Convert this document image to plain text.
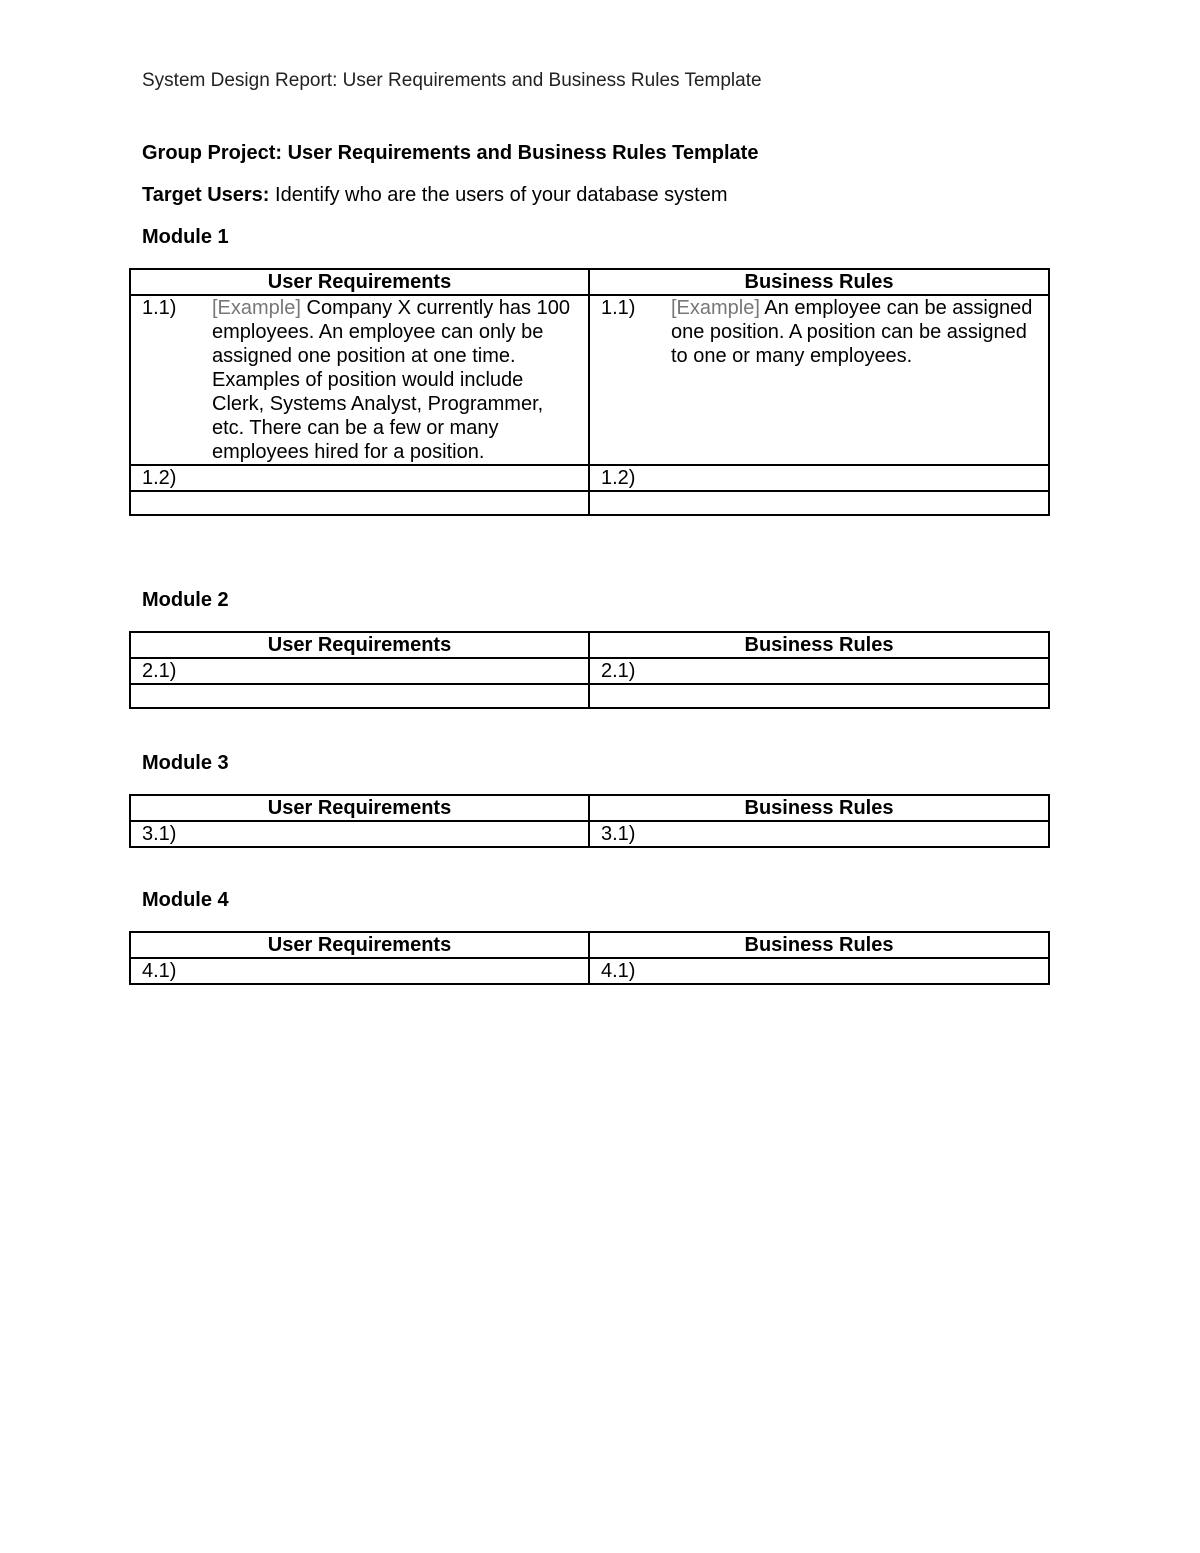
System Design Report: User Requirements and Business Rules Template
Group Project: User Requirements and Business Rules Template
Target Users: Identify who are the users of your database system
Module 1
User Requirements	Business Rules

1.1) [Example] Company X currently has 100 employees. An employee can only be assigned one position at one time. Examples of position would include Clerk, Systems Analyst, Programmer, etc. There can be a few or many employees hired for a position.	1.1) [Example] An employee can be assigned one position. A position can be assigned to one or many employees.

1.2)	1.2)

Module 2
User Requirements	Business Rules
2.1)	2.1)

Module 3
User Requirements	Business Rules
3.1)	3.1)
Module 4
User Requirements	Business Rules
4.1)	4.1)
